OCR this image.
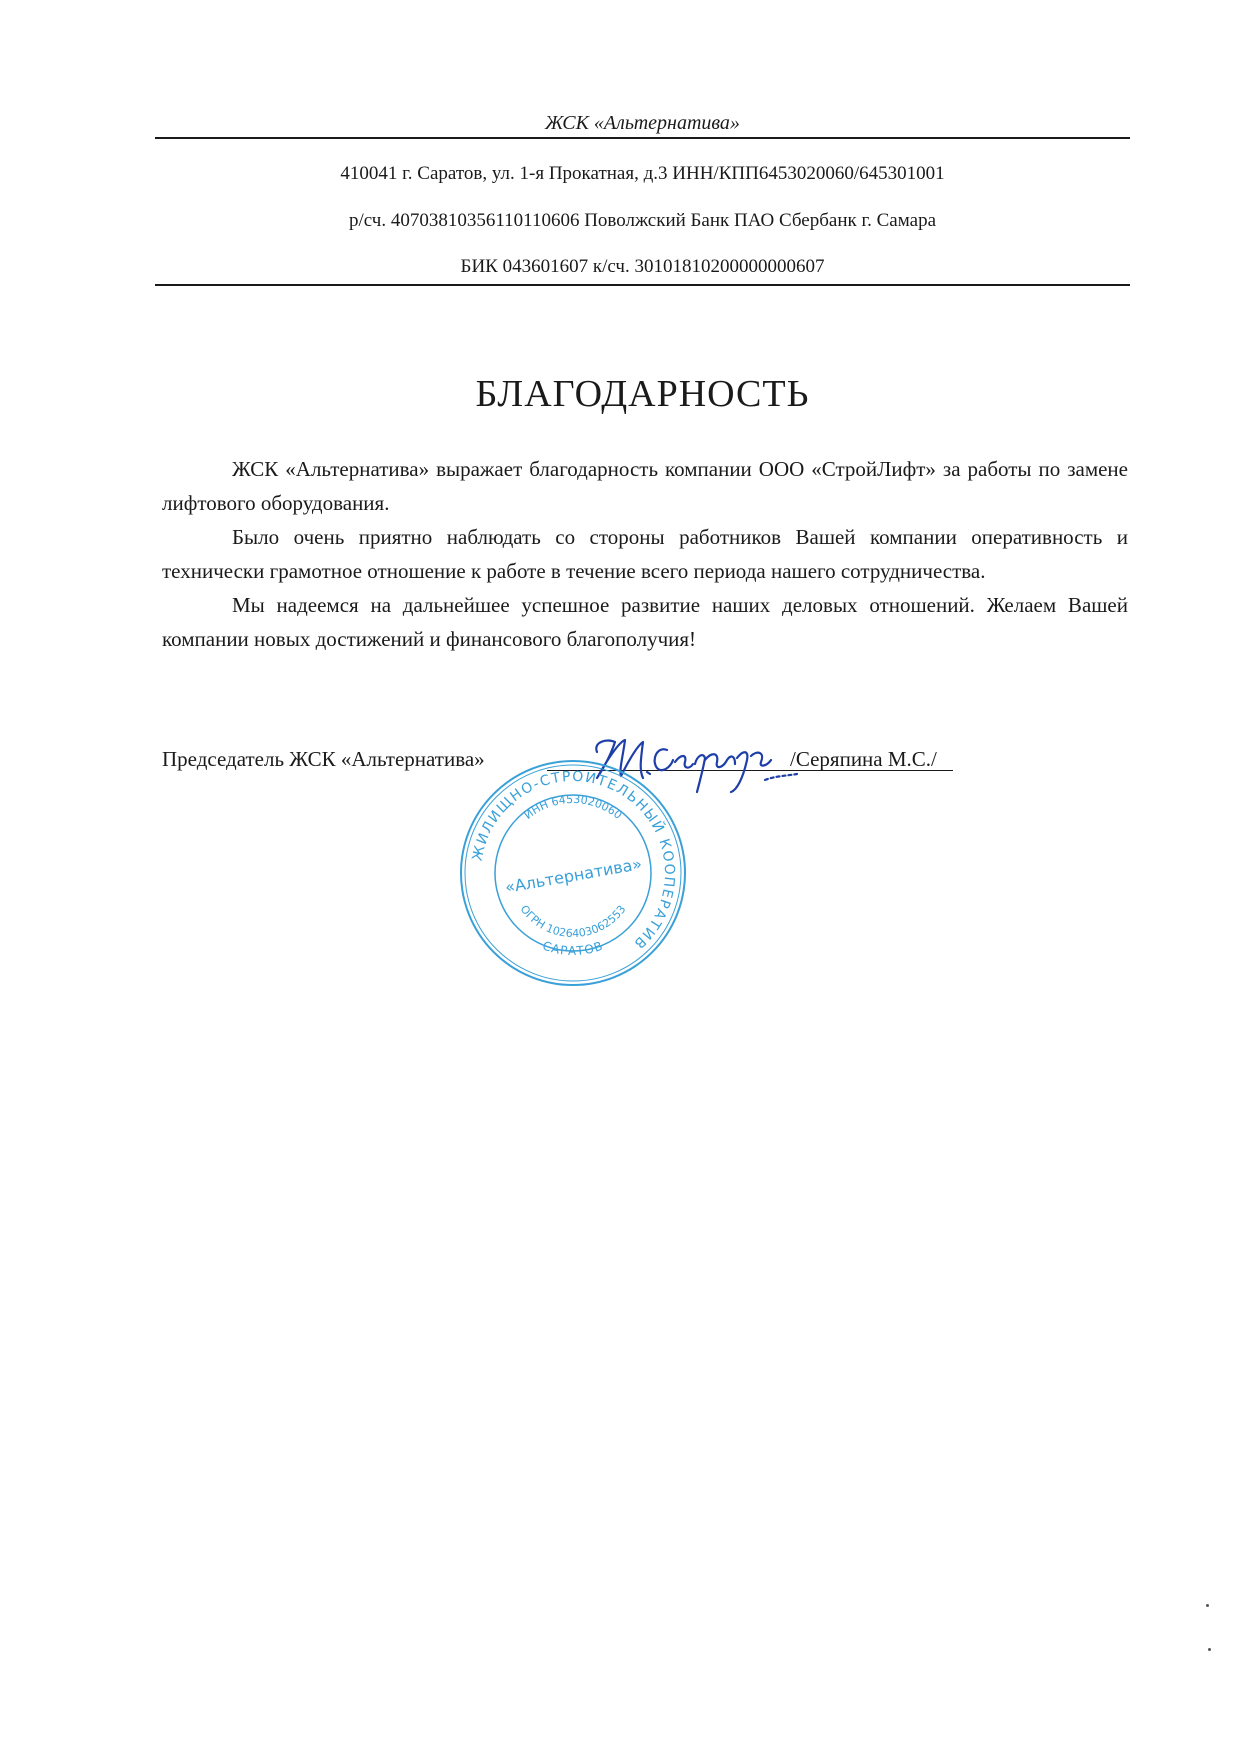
ЖСК «Альтернатива»
410041 г. Саратов, ул. 1-я Прокатная, д.3 ИНН/КПП6453020060/645301001
р/сч. 40703810356110110606 Поволжский Банк ПАО Сбербанк г. Самара
БИК 043601607 к/сч. 30101810200000000607
БЛАГОДАРНОСТЬ

ЖСК «Альтернатива» выражает благодарность компании ООО «СтройЛифт» за работы по замене лифтового оборудования.

Было очень приятно наблюдать со стороны работников Вашей компании оперативность и технически грамотное отношение к работе в течение всего периода нашего сотрудничества.

Мы надеемся на дальнейшее успешное развитие наших деловых отношений. Желаем Вашей компании новых достижений и финансового благополучия!

Председатель ЖСК «Альтернатива»	/Серяпина М.С./
ЖИЛИЩНО-СТРОИТЕЛЬНЫЙ КООПЕРАТИВ
ИНН 6453020060
«Альтернатива»
ОГРН 1026403062553
САРАТОВ
